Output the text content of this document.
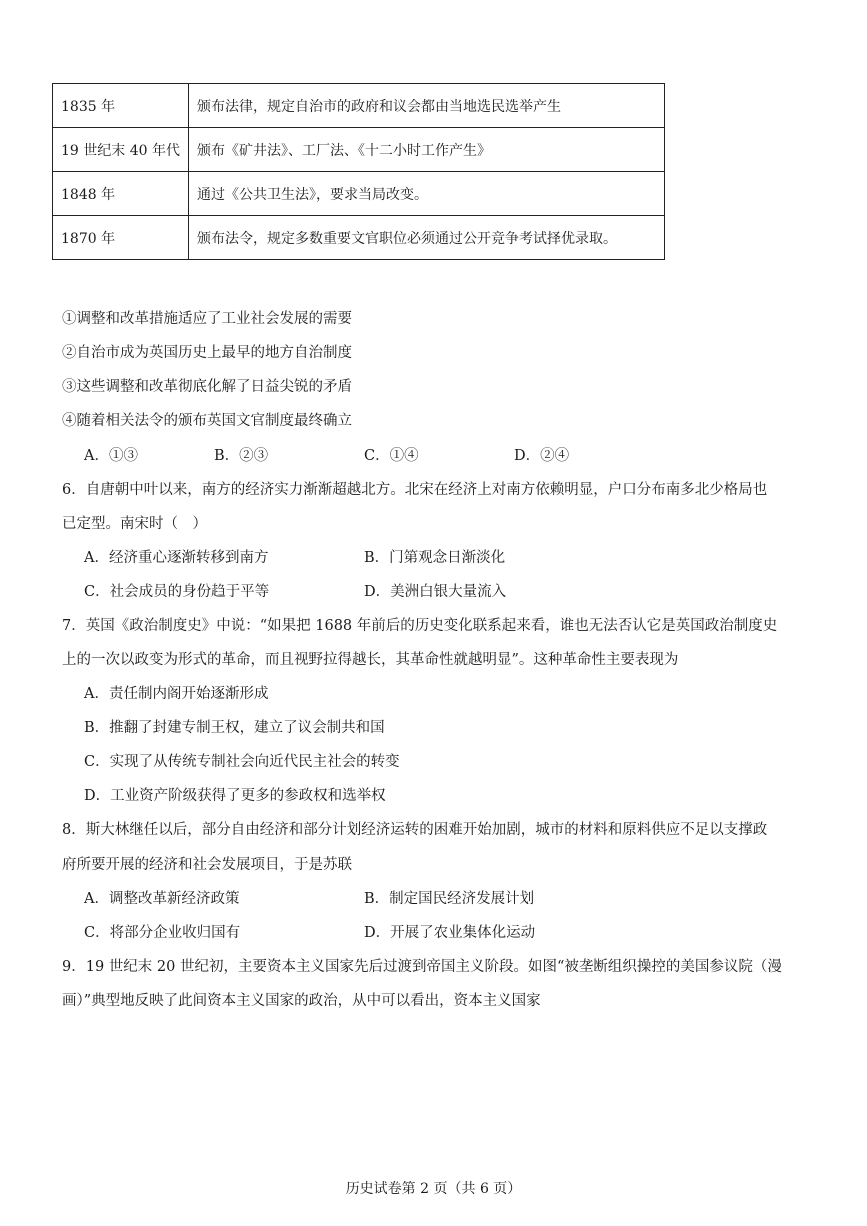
1835 年	颁布法律，规定自治市的政府和议会都由当地选民选举产生
19 世纪末 40 年代	颁布《矿井法》、工厂法、《十二小时工作产生》
1848 年	通过《公共卫生法》，要求当局改变。
1870 年	颁布法令，规定多数重要文官职位必须通过公开竞争考试择优录取。
①调整和改革措施适应了工业社会发展的需要
②自治市成为英国历史上最早的地方自治制度
③这些调整和改革彻底化解了日益尖锐的矛盾
④随着相关法令的颁布英国文官制度最终确立
A．①③	B．②③	C．①④	D．②④
6．自唐朝中叶以来，南方的经济实力渐渐超越北方。北宋在经济上对南方依赖明显，户口分布南多北少格局也
已定型。南宋时（　）
A．经济重心逐渐转移到南方	B．门第观念日渐淡化
C．社会成员的身份趋于平等	D．美洲白银大量流入
7．英国《政治制度史》中说：“如果把 1688 年前后的历史变化联系起来看，谁也无法否认它是英国政治制度史
上的一次以政变为形式的革命，而且视野拉得越长，其革命性就越明显”。这种革命性主要表现为
A．责任制内阁开始逐渐形成
B．推翻了封建专制王权，建立了议会制共和国
C．实现了从传统专制社会向近代民主社会的转变
D．工业资产阶级获得了更多的参政权和选举权
8．斯大林继任以后，部分自由经济和部分计划经济运转的困难开始加剧，城市的材料和原料供应不足以支撑政
府所要开展的经济和社会发展项目，于是苏联
A．调整改革新经济政策	B．制定国民经济发展计划
C．将部分企业收归国有	D．开展了农业集体化运动
9．19 世纪末 20 世纪初，主要资本主义国家先后过渡到帝国主义阶段。如图“被垄断组织操控的美国参议院（漫
画）”典型地反映了此间资本主义国家的政治，从中可以看出，资本主义国家
历史试卷第 2 页（共 6 页）
